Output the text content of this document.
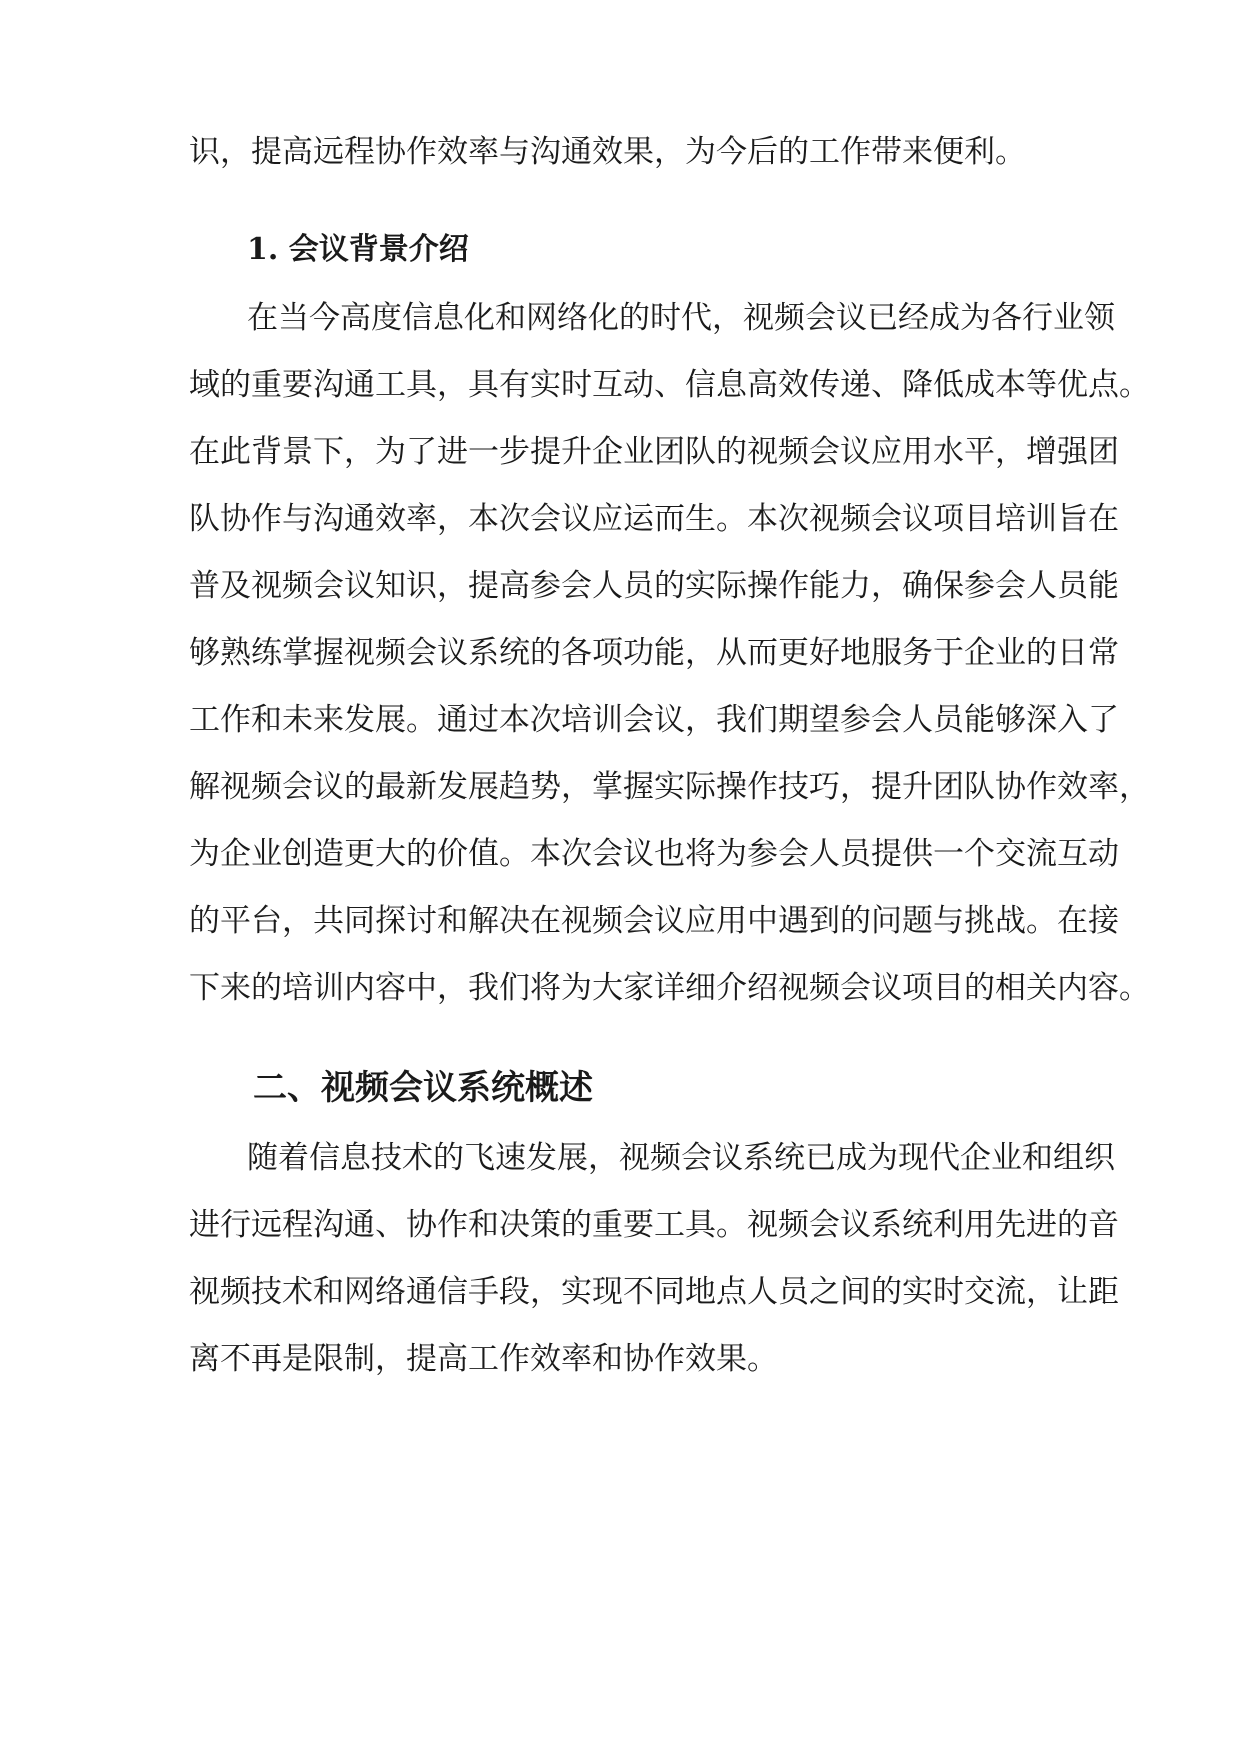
识，提高远程协作效率与沟通效果，为今后的工作带来便利。
1. 会议背景介绍
在当今高度信息化和网络化的时代，视频会议已经成为各行业领
域的重要沟通工具，具有实时互动、信息高效传递、降低成本等优点。
在此背景下，为了进一步提升企业团队的视频会议应用水平，增强团
队协作与沟通效率，本次会议应运而生。本次视频会议项目培训旨在
普及视频会议知识，提高参会人员的实际操作能力，确保参会人员能
够熟练掌握视频会议系统的各项功能，从而更好地服务于企业的日常
工作和未来发展。通过本次培训会议，我们期望参会人员能够深入了
解视频会议的最新发展趋势，掌握实际操作技巧，提升团队协作效率，
为企业创造更大的价值。本次会议也将为参会人员提供一个交流互动
的平台，共同探讨和解决在视频会议应用中遇到的问题与挑战。在接
下来的培训内容中，我们将为大家详细介绍视频会议项目的相关内容。
二、视频会议系统概述
随着信息技术的飞速发展，视频会议系统已成为现代企业和组织
进行远程沟通、协作和决策的重要工具。视频会议系统利用先进的音
视频技术和网络通信手段，实现不同地点人员之间的实时交流，让距
离不再是限制，提高工作效率和协作效果。
